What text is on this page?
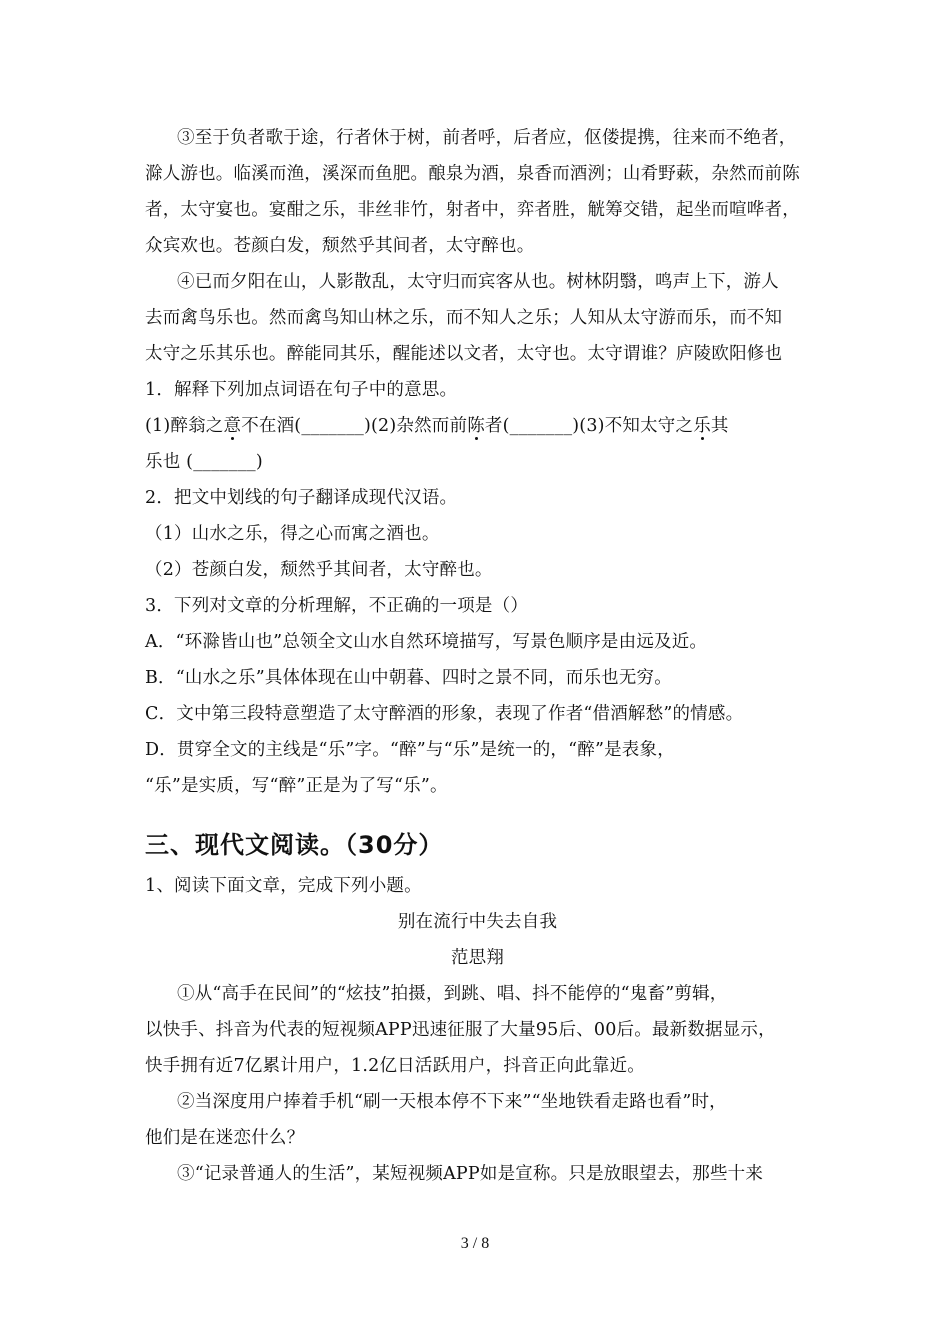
③至于负者歌于途，行者休于树，前者呼，后者应，伛偻提携，往来而不绝者，
滁人游也。临溪而渔，溪深而鱼肥。酿泉为酒，泉香而酒洌；山肴野蔌，杂然而前陈
者，太守宴也。宴酣之乐，非丝非竹，射者中，弈者胜，觥筹交错，起坐而喧哗者，
众宾欢也。苍颜白发，颓然乎其间者，太守醉也。
④已而夕阳在山，人影散乱，太守归而宾客从也。树林阴翳，鸣声上下，游人
去而禽鸟乐也。然而禽鸟知山林之乐，而不知人之乐；人知从太守游而乐，而不知
太守之乐其乐也。醉能同其乐，醒能述以文者，太守也。太守谓谁？庐陵欧阳修也
1．解释下列加点词语在句子中的意思。
(1)醉翁之意不在酒(_______)(2)杂然而前陈者(_______)(3)不知太守之乐其
乐也 (_______)
2．把文中划线的句子翻译成现代汉语。
（1）山水之乐，得之心而寓之酒也。
（2）苍颜白发，颓然乎其间者，太守醉也。
3．下列对文章的分析理解，不正确的一项是（）
A．“环滁皆山也”总领全文山水自然环境描写，写景色顺序是由远及近。
B．“山水之乐”具体体现在山中朝暮、四时之景不同，而乐也无穷。
C．文中第三段特意塑造了太守醉酒的形象，表现了作者“借酒解愁”的情感。
D．贯穿全文的主线是“乐”字。“醉”与“乐”是统一的，“醉”是表象，
“乐”是实质，写“醉”正是为了写“乐”。
三、现代文阅读。（30分）
1、阅读下面文章，完成下列小题。
别在流行中失去自我
范思翔
①从“高手在民间”的“炫技”拍摄，到跳、唱、抖不能停的“鬼畜”剪辑，
以快手、抖音为代表的短视频APP迅速征服了大量95后、00后。最新数据显示，
快手拥有近7亿累计用户，1.2亿日活跃用户，抖音正向此靠近。
②当深度用户捧着手机“刷一天根本停不下来”“坐地铁看走路也看”时，
他们是在迷恋什么？
③“记录普通人的生活”，某短视频APP如是宣称。只是放眼望去，那些十来
3 / 8
